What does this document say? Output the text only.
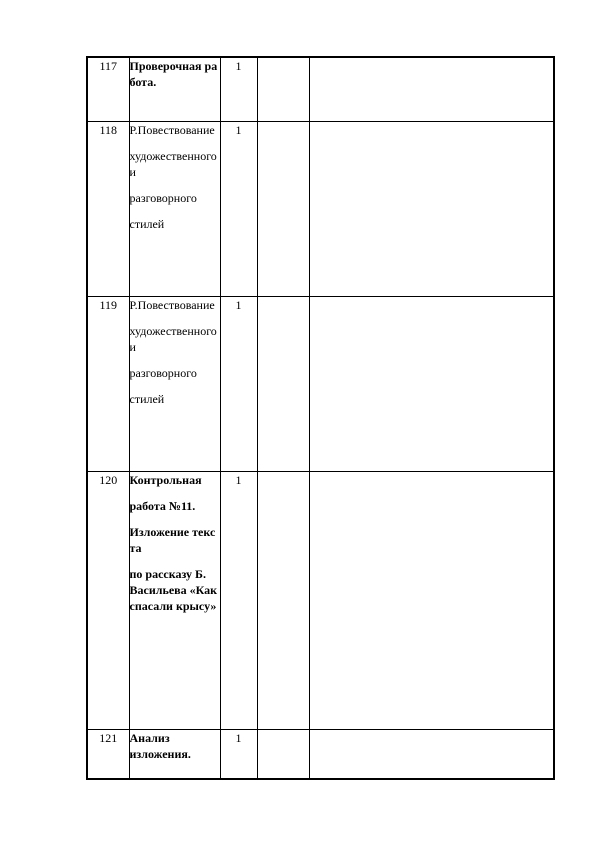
117	Проверочная работа.	1		
118	Р.Повествование
художественного и
разговорного
стилей	1		
119	Р.Повествование
художественного и
разговорного
стилей	1		
120	Контрольная
работа №11.
Изложение текста
по рассказу Б. Васильева «Как спасали крысу»	1		
121	Анализ изложения.	1		
